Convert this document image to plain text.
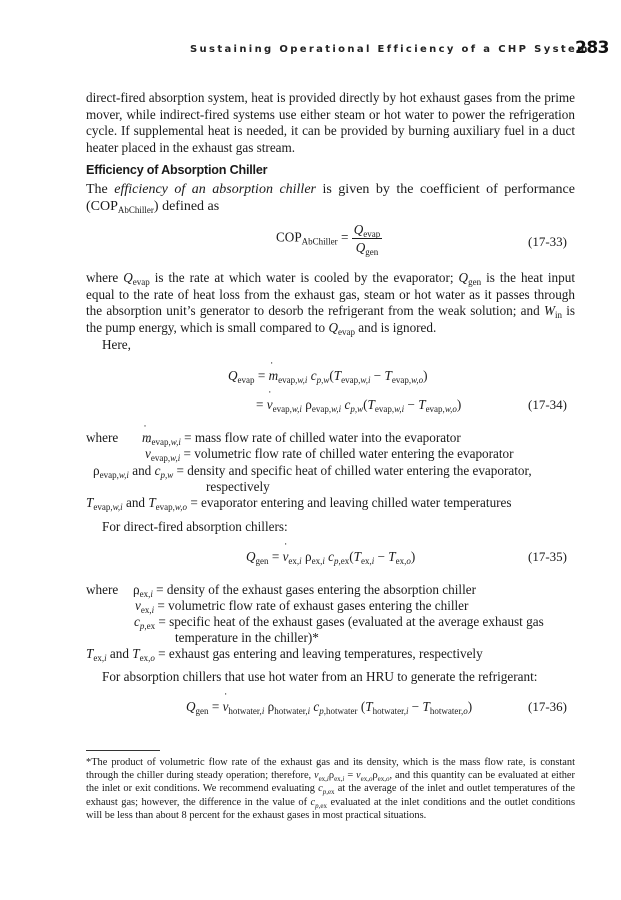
Sustaining Operational Efficiency of a CHP System
283

direct-fired absorption system, heat is provided directly by hot exhaust gases from the prime mover, while indirect-fired systems use either steam or hot water to power the refrigeration cycle. If supplemental heat is needed, it can be provided by burning auxiliary fuel in a duct heater placed in the exhaust gas stream.

Efficiency of Absorption Chiller

The efficiency of an absorption chiller is given by the coefficient of performance $(COP_{AbChiller})$ defined as

$COP_{AbChiller} = \frac{Q_{evap}}{Q_{gen}}$	(17-33)

where $Q_{evap}$ is the rate at which water is cooled by the evaporator; $Q_{gen}$ is the heat input equal to the rate of heat loss from the exhaust gas, steam or hot water as it passes through the absorption unit’s generator to desorb the refrigerant from the weak solution; and $W_{in}$ is the pump energy, which is small compared to $Q_{evap}$ and is ignored.

Here,
$Q_{evap}$ = ˙ $m_{evap,w,i}$ $c_{p,w}(T_{evap,w,i} - T_{evap,w,o})$
= ˙ $v_{evap,w,i}$ $\rho_{evap,w,i}$ $c_{p,w}(T_{evap,w,i} - T_{evap,w,o})$	(17-34)
where
˙ $m_{evap,w,i}$ = mass flow rate of chilled water into the evaporator
˙ $v_{evap,w,i}$ = volumetric flow rate of chilled water entering the evaporator
$\rho_{evap,w,i}$ and $c_{p,w}$ = density and specific heat of chilled water entering the evaporator,
respectively
$T_{evap,w,i}$ and $T_{evap,w,o}$ = evaporator entering and leaving chilled water temperatures
For direct-fired absorption chillers:
$Q_{gen}$ = ˙ $v_{ex,i}$ $\rho_{ex,i}$ $c_{p,ex}(T_{ex,i} - T_{ex,o})$	(17-35)
where $\rho_{ex,i}$ = density of the exhaust gases entering the absorption chiller
˙ $v_{ex,i}$ = volumetric flow rate of exhaust gases entering the chiller
$c_{p,ex}$ = specific heat of the exhaust gases (evaluated at the average exhaust gas
temperature in the chiller)*
$T_{ex,i}$ and $T_{ex,o}$ = exhaust gas entering and leaving temperatures, respectively
For absorption chillers that use hot water from an HRU to generate the refrigerant:
$Q_{gen}$ = ˙ $v_{hotwater,i}$ $\rho_{hotwater,i}$ $c_{p,hotwater}$ $(T_{hotwater,i} - T_{hotwater,o})$	(17-36)

*The product of volumetric flow rate of the exhaust gas and its density, which is the mass flow rate, is constant through the chiller during steady operation; therefore, ˙ $v_{ex,i}\rho_{ex,i}$ = ˙ $v_{ex,o}\rho_{ex,o}$, and this quantity can be evaluated at either the inlet or exit conditions. We recommend evaluating $c_{p,ex}$ at the average of the inlet and outlet temperatures of the exhaust gas; however, the difference in the value of $c_{p,ex}$ evaluated at the inlet conditions and the outlet conditions will be less than about 8 percent for the exhaust gases in most practical situations.
